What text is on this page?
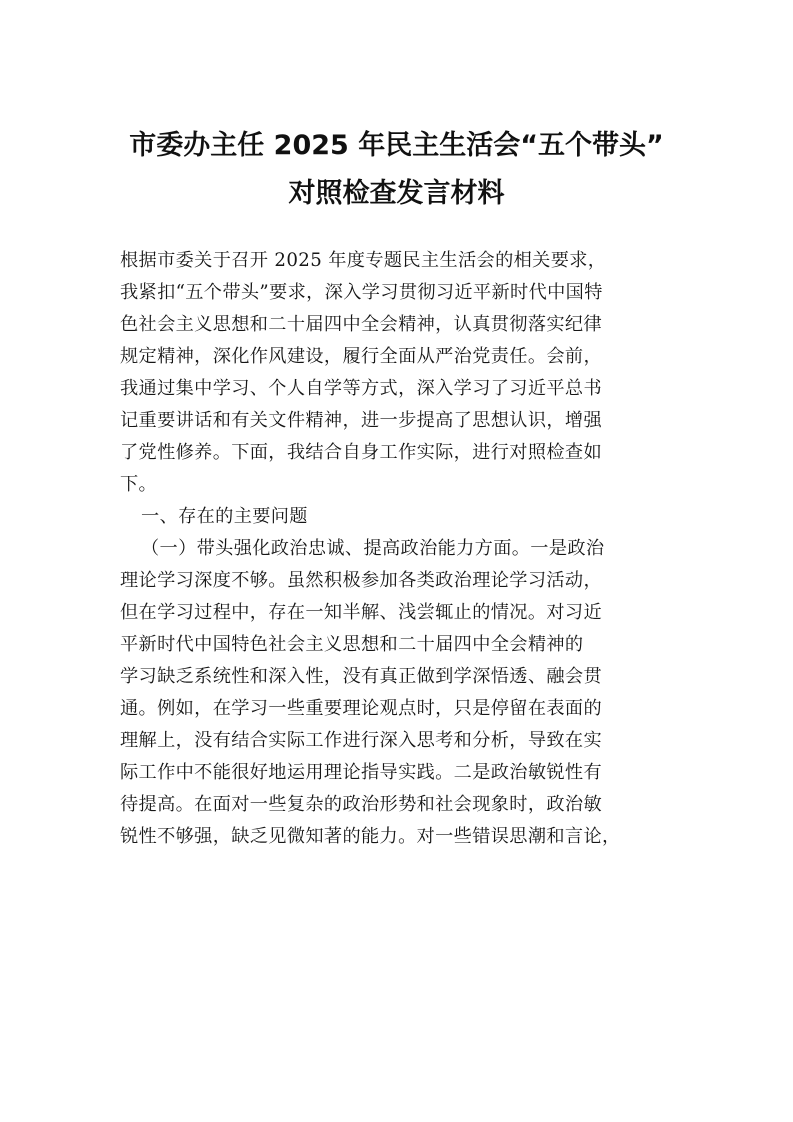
市委办主任 2025 年民主生活会“五个带头”
对照检查发言材料
根据市委关于召开 2025 年度专题民主生活会的相关要求，
我紧扣“五个带头”要求，深入学习贯彻习近平新时代中国特
色社会主义思想和二十届四中全会精神，认真贯彻落实纪律
规定精神，深化作风建设，履行全面从严治党责任。会前，
我通过集中学习、个人自学等方式，深入学习了习近平总书
记重要讲话和有关文件精神，进一步提高了思想认识，增强
了党性修养。下面，我结合自身工作实际，进行对照检查如
下。
一、存在的主要问题
（一）带头强化政治忠诚、提高政治能力方面。一是政治
理论学习深度不够。虽然积极参加各类政治理论学习活动，
但在学习过程中，存在一知半解、浅尝辄止的情况。对习近
平新时代中国特色社会主义思想和二十届四中全会精神的
学习缺乏系统性和深入性，没有真正做到学深悟透、融会贯
通。例如，在学习一些重要理论观点时，只是停留在表面的
理解上，没有结合实际工作进行深入思考和分析，导致在实
际工作中不能很好地运用理论指导实践。二是政治敏锐性有
待提高。在面对一些复杂的政治形势和社会现象时，政治敏
锐性不够强，缺乏见微知著的能力。对一些错误思潮和言论，
